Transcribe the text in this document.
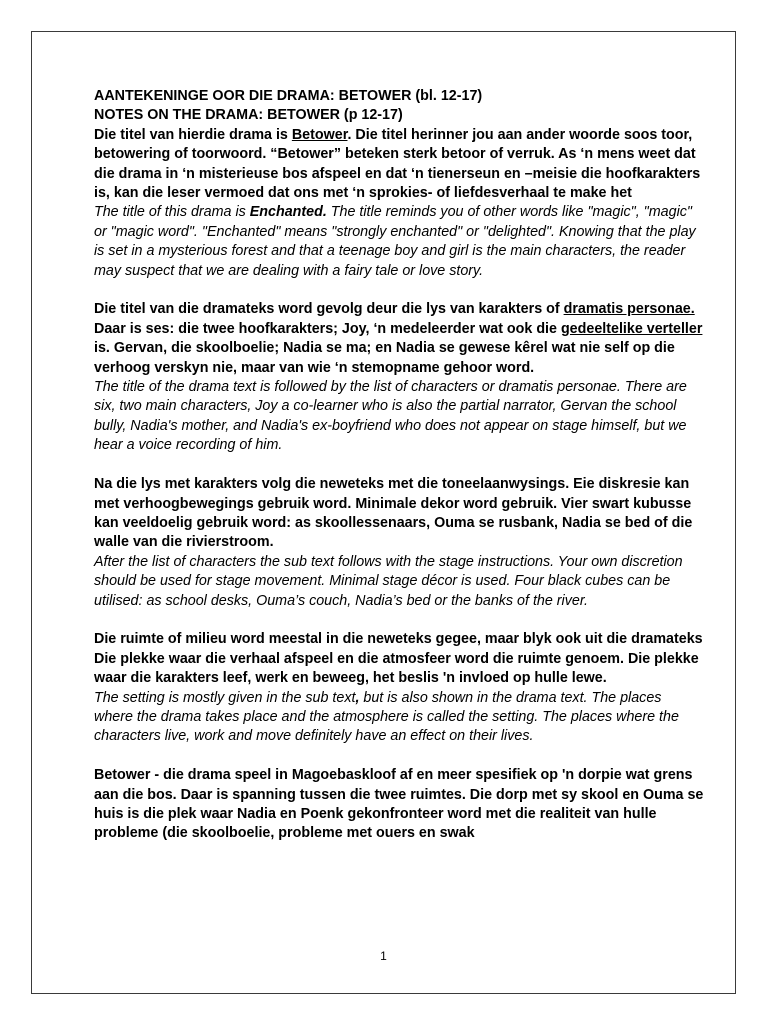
AANTEKENINGE OOR DIE DRAMA: BETOWER (bl. 12-17)

NOTES ON THE DRAMA: BETOWER (p 12-17)

Die titel van hierdie drama is Betower. Die titel herinner jou aan ander woorde soos toor, betowering of toorwoord. “Betower” beteken sterk betoor of verruk. As ‘n mens weet dat die drama in ‘n misterieuse bos afspeel en dat ‘n tienerseun en –meisie die hoofkarakters is, kan die leser vermoed dat ons met ‘n sprokies- of liefdesverhaal te make het

The title of this drama is Enchanted. The title reminds you of other words like "magic", "magic" or "magic word". "Enchanted" means "strongly enchanted" or "delighted". Knowing that the play is set in a mysterious forest and that a teenage boy and girl is the main characters, the reader may suspect that we are dealing with a fairy tale or love story.

Die titel van die dramateks word gevolg deur die lys van karakters of dramatis personae. Daar is ses: die twee hoofkarakters; Joy, ‘n medeleerder wat ook die gedeeltelike verteller is. Gervan, die skoolboelie; Nadia se ma; en Nadia se gewese kêrel wat nie self op die verhoog verskyn nie, maar van wie ‘n stemopname gehoor word.

The title of the drama text is followed by the list of characters or dramatis personae. There are six, two main characters, Joy a co-learner who is also the partial narrator, Gervan the school bully, Nadia's mother, and Nadia's ex-boyfriend who does not appear on stage himself, but we hear a voice recording of him.

Na die lys met karakters volg die neweteks met die toneelaanwysings. Eie diskresie kan met verhoogbewegings gebruik word. Minimale dekor word gebruik. Vier swart kubusse kan veeldoelig gebruik word: as skoollessenaars, Ouma se rusbank, Nadia se bed of die walle van die rivierstroom.

After the list of characters the sub text follows with the stage instructions. Your own discretion should be used for stage movement. Minimal stage décor is used. Four black cubes can be utilised: as school desks, Ouma’s couch, Nadia’s bed or the banks of the river.

Die ruimte of milieu word meestal in die neweteks gegee, maar blyk ook uit die dramateks Die plekke waar die verhaal afspeel en die atmosfeer word die ruimte genoem. Die plekke waar die karakters leef, werk en beweeg, het beslis 'n invloed op hulle lewe.

The setting is mostly given in the sub text, but is also shown in the drama text. The places where the drama takes place and the atmosphere is called the setting. The places where the characters live, work and move definitely have an effect on their lives.

Betower - die drama speel in Magoebaskloof af en meer spesifiek op 'n dorpie wat grens aan die bos. Daar is spanning tussen die twee ruimtes. Die dorp met sy skool en Ouma se huis is die plek waar Nadia en Poenk gekonfronteer word met die realiteit van hulle probleme (die skoolboelie, probleme met ouers en swak

1
